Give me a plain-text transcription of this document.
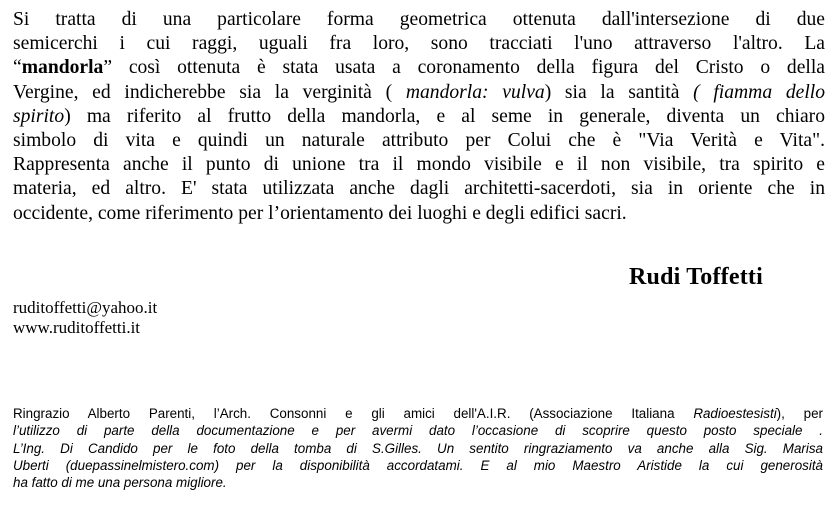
Si tratta di una particolare forma geometrica ottenuta dall'intersezione di due
semicerchi i cui raggi, uguali fra loro, sono tracciati l'uno attraverso l'altro. La
“mandorla” così ottenuta è stata usata a coronamento della figura del Cristo o della
Vergine, ed indicherebbe sia la verginità ( mandorla: vulva) sia la santità ( fiamma dello
spirito) ma riferito al frutto della mandorla, e al seme in generale, diventa un chiaro
simbolo di vita e quindi un naturale attributo per Colui che è "Via Verità e Vita".
Rappresenta anche il punto di unione tra il mondo visibile e il non visibile, tra spirito e
materia, ed altro. E' stata utilizzata anche dagli architetti-sacerdoti, sia in oriente che in
occidente, come riferimento per l’orientamento dei luoghi e degli edifici sacri.
Rudi Toffetti
ruditoffetti@yahoo.it
www.ruditoffetti.it
Ringrazio Alberto Parenti, l’Arch. Consonni e gli amici dell'A.I.R. (Associazione Italiana Radioestesisti), per
l’utilizzo di parte della documentazione e per avermi dato l’occasione di scoprire questo posto speciale .
L’Ing. Di Candido per le foto della tomba di S.Gilles. Un sentito ringraziamento va anche alla Sig. Marisa
Uberti (duepassinelmistero.com) per la disponibilità accordatami. E al mio Maestro Aristide la cui generosità
ha fatto di me una persona migliore.
